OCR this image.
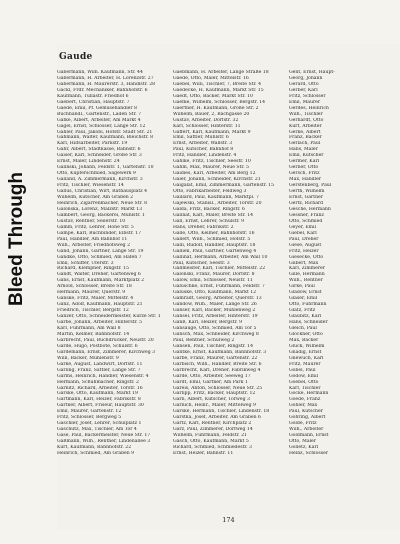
Bleed Through
Gaude
Gabermann, Wilh. Kaufmann, Str. 44
Gabermann, H. Arbeiter, H. Lorenzstr. 27
Gabermann, H. Maurerstr. 3, Handlstr. 28
Gackl, Frdr. Mechaniker, Bahnhofstr. 6
Kaufmann, Tullastr. Friedhof 6
Gaebert, Christian, Hauptstr. 7
Gaede, Emil, Pf. Gemüsehändler 8
Buchhandl., Gartenstr., Laden Str. 7
Gäfke, Albert, Arbeiter, Am Markt 4
Gagel, Ernst, Schlosser, Lange Str. 12
Gahler, Paul, Jakobi, Hofstr. Stadt Str. 21
Gahmann, Walter, Kaufmann, Bleichstr. 8
Karl, Hilfsarbeiter, Parkstr. 19
Gahr, Albert, Stadtkasse, Bahnstr. 6
Gaiser, Karl, Schneider, Große Str. 3
Ernst, Maler, Lindenstr. 24
Galinski, Johann, Feldstr. 1, Gartenstr. 10
Otto, Kupferschmied, Sägewerk 9
Galland, A. Zimmermann, Kirchstr. 3
Fritz, Tischler, Wiesenstr. 14
Gallus, Christian, Wirt, Rathausplatz 4
Wilhelm, Kutscher, Am Graben 2
Heinrich, Zigarrenmacher, Neue Str. 8
Galonska, Lorenz, Malzstr. Markt 13
Gambert, Georg, Bäckerei, Mühlstr. 1
Gustav, Rentner, Seilerstr. 10
Gamm, Fritz, Lehrer, Hohe Str. 5
Gampe, Karl, Buchbinder, Elbstr. 17
Paul, Händler, Am Bahnhof 11
Wilh., Arbeiter, Friedhofsweg 2
Gand, Johann, Gärtner, Lange Str. 19
Gandke, Otto, Schmied, Am Hafen 7
Emil, Schiffer, Uferstr. 3
Richard, Klempner, Ringstr. 15
Gandt, Walter, Dreher, Gartenweg 6
Gans, Ernst, Kaufmann, Marktplatz 2
Arnold, Schlosser, Breite Str. 18
Hermann, Maurer, Querstr. 9
Ganske, Fritz, Maler, Mittelstr. 4
Ganz, Adolf, Kaufmann, Hauptstr. 21
Friedrich, Tischler, Bergstr. 12
Ganzer, Otto, Schneidermeister, Kurze Str. 1
Garbe, Johann, Arbeiter, Hinterstr. 5
Karl, Fuhrmann, Am Wall 8
Martin, Kellner, Bahnhofstr. 14
Garbrecht, Paul, Buchdrucker, Neustr. 20
Garde, Hugo, Postbote, Schulstr. 6
Gardemann, Ernst, Zimmerer, Kirchweg 3
Willi, Bäcker, Mühlenstr. 9
Garke, August, Landwirt, Dorfstr. 11
Garling, Franz, Sattler, Lange Str. 7
Garms, Heinrich, Händler, Wiesenstr. 4
Hermann, Schuhmacher, Ringstr. 2
Garnitz, Richard, Arbeiter, Torstr. 16
Garske, Otto, Kaufmann, Markt 19
Gartmann, Karl, Heizer, Fabrikstr. 8
Gärtner, Albert, Friseur, Hauptstr. 30
Emil, Maurer, Gartenstr. 12
Fritz, Schlosser, Bergweg 5
Gaschler, Josef, Lehrer, Schulplatz 1
Gaschütz, Max, Tischler, Am Tor 4
Gase, Paul, Bäckermeister, Neue Str. 17
Gaßmann, Wilh., Rentner, Lindenallee 3
Kurt, Kaufmann, Bahnhofstr. 22
Heinrich, Schmied, Am Graben 9
Gaebmann, H. Arbeiter, Lange Straße 18
Gaede, Otto, Maler, Mittelstr. 16
Gaebel, Willi, Tischler, 7, Breite Str. 4
Gaedecke, H. Kaufmann, Markt Str. 15
Gaedt, Otto, Bäcker, Markt Str. 10
Gaefke, Wilhelm, Schlosser, Bergstr. 14
Gaertner, H. Kaufmann, Große Str. 2
Wilhelm, Bauer, 2, Bachgasse 20
Gustav, Arbeiter, Dorfstr. 32
Karl, Schlosser, Hinterstr. 11
Gaffert, Karl, Kaufmann, Markt 9
Emil, Sattler, Mühlstr. 6
Ernst, Arbeiter, Wallstr. 3
Paul, Kutscher, Bahnhof 8
Fritz, Händler, Lindenstr. 4
Gahlke, Fritz, Tischler, Seestr. 10
Gahm, Max, Maurer, Neue Str. 5
Gaidies, Karl, Arbeiter, Am Berg 12
Gaier, Johann, Schneider, Kirchstr. 21
Gaigalat, Emil, Zimmermann, Gartenstr. 15
Otto, Fabrikarbeiter, Feldweg 3
Gaillard, Paul, Kaufmann, Marktpl. 7
Gajewski, Stanisl., Arbeiter, Torstr. 20
Galda, Fritz, Bäcker, Ringstr. 6
Galinat, Karl, Maler, Breite Str. 14
Gall, Ernst, Lehrer, Schulstr. 9
Hans, Dreher, Fabrikstr. 2
Galle, Otto, Kellner, Bahnhofstr. 16
Gallert, Wilh., Schmied, Hofstr. 5
Galli, Rudolf, Händler, Hauptstr. 18
Gallien, Paul, Gärtner, Gartenweg 4
Gallinat, Hermann, Arbeiter, Am Wall 10
Paul, Kutscher, Seestr. 3
Gallmeister, Karl, Tischler, Mittelstr. 22
Galonski, Franz, Maurer, Dorfstr. 8
Galow, Emil, Schlosser, Neustr. 11
Galuschke, Ernst, Fuhrmann, Feldstr. 7
Galuske, Otto, Kaufmann, Markt 12
Gamradt, Georg, Arbeiter, Querstr. 13
Gandow, Wilh., Maler, Lange Str. 26
Ganser, Karl, Bäcker, Mühlenweg 2
Gansel, Fritz, Arbeiter, Hinterstr. 19
Ganß, Karl, Heizer, Bergstr. 9
Gansauge, Otto, Schmied, Am Tor 5
Gansch, Max, Schneider, Kirchweg 8
Paul, Rentner, Schulweg 2
Gansen, Paul, Tischler, Ringstr. 14
Gantke, Ernst, Kaufmann, Bahnhofstr. 3
Garbe, Franz, Maurer, Gartenstr. 22
Garbisch, Wilh., Händler, Breite Str. 6
Garbrecht, Karl, Dreher, Fabrikweg 4
Garde, Otto, Arbeiter, Seeweg 17
Gardt, Emil, Gärtner, Am Park 1
Gareis, Anton, Schlosser, Neue Str. 25
Garlipp, Fritz, Bäcker, Hauptstr. 12
Garn, Albert, Kutscher, Torweg 3
Garnich, Heinr., Maler, Mittelweg 9
Garske, Hermann, Tischler, Lindenstr. 18
Garstka, Josef, Arbeiter, Am Graben 6
Gartz, Karl, Rentner, Kirchplatz 2
Garz, Paul, Zimmerer, Dorfweg 14
Wilhelm, Fuhrmann, Feldstr. 21
Gasch, Otto, Kaufmann, Markt 5
Richard, Schmied, Schmiedestr. 3
Ernst, Heizer, Bahnstr. 11
Gent, Ernst, Haupt-
Georg, Johann
Gerard, Otto
Gerber, Karl
Fritz, Schlosser
Emil, Maurer
Gerdes, Heinrich
Wilh., Tischler
Gerhardt, Otto
Kurt, Arbeiter
Gerke, Albert
Franz, Bäcker
Gerlach, Paul
Hans, Maler
Emil, Kutscher
Germer, Karl
Gerner, Otto
Gersch, Fritz
Max, Händler
Gerstenberg, Paul
Gerth, Wilhelm
Ernst, Gärtner
Gertz, Richard
Gesche, Hermann
Gessner, Franz
Otto, Schmied
Geyer, Emil
Giebel, Karl
Paul, Dreher
Giese, August
Fritz, Heizer
Giesecke, Otto
Gilbert, Max
Karl, Zimmerer
Gille, Hermann
Wilh., Rentner
Girke, Paul
Gladow, Ernst
Glaser, Emil
Otto, Fuhrmann
Glatz, Fritz
Glaubitz, Karl
Hans, Schneider
Gleich, Paul
Glöckner, Otto
Max, Bäcker
Glück, Wilhelm
Gnädig, Ernst
Gnewuch, Karl
Fritz, Maurer
Göbel, Paul
Godow, Emil
Goebel, Otto
Karl, Tischler
Göcke, Hermann
Goede, Franz
Göhler, Max
Paul, Kutscher
Göhring, Albert
Golde, Fritz
Wilh., Arbeiter
Goldmann, Ernst
Otto, Maler
Golletz, Karl
Heinz, Schlosser
174
